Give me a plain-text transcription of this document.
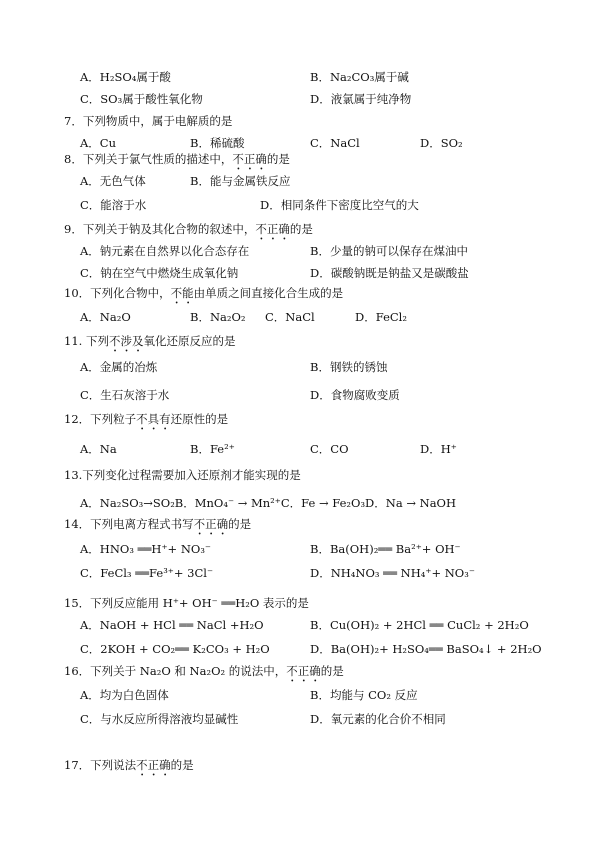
A．H₂SO₄属于酸	B．Na₂CO₃属于碱
C．SO₃属于酸性氧化物	D．液氯属于纯净物
7．下列物质中，属于电解质的是
A．Cu	B．稀硫酸	C．NaCl	D．SO₂
8．下列关于氯气性质的描述中，不正确的是
A．无色气体	B．能与金属铁反应
C．能溶于水	D．相同条件下密度比空气的大
9．下列关于钠及其化合物的叙述中，不正确的是
A．钠元素在自然界以化合态存在	B．少量的钠可以保存在煤油中
C．钠在空气中燃烧生成氧化钠	D．碳酸钠既是钠盐又是碳酸盐
10．下列化合物中，不能由单质之间直接化合生成的是
A．Na₂O	B．Na₂O₂ C．NaCl	D．FeCl₂
11. 下列不涉及氧化还原反应的是
A．金属的冶炼	B．钢铁的锈蚀
C．生石灰溶于水	D．食物腐败变质
12．下列粒子不具有还原性的是
A．Na	B．Fe²⁺	C．CO	D．H⁺
13.下列变化过程需要加入还原剂才能实现的是
A．Na₂SO₃→SO₂B．MnO₄⁻ → Mn²⁺C．Fe → Fe₂O₃D．Na → NaOH
14．下列电离方程式书写不正确的是
A．HNO₃ ══H⁺+ NO₃⁻	B．Ba(OH)₂══ Ba²⁺+ OH⁻
C．FeCl₃ ══Fe³⁺+ 3Cl⁻	D．NH₄NO₃ ══ NH₄⁺+ NO₃⁻
15．下列反应能用 H⁺+ OH⁻ ══H₂O 表示的是
A．NaOH + HCl ══ NaCl +H₂O	B．Cu(OH)₂ + 2HCl ══ CuCl₂ + 2H₂O
C．2KOH + CO₂══ K₂CO₃ + H₂O	D．Ba(OH)₂+ H₂SO₄══ BaSO₄↓ + 2H₂O
16．下列关于 Na₂O 和 Na₂O₂ 的说法中，不正确的是
A．均为白色固体	B．均能与 CO₂ 反应
C．与水反应所得溶液均显碱性	D．氧元素的化合价不相同
17．下列说法不正确的是
